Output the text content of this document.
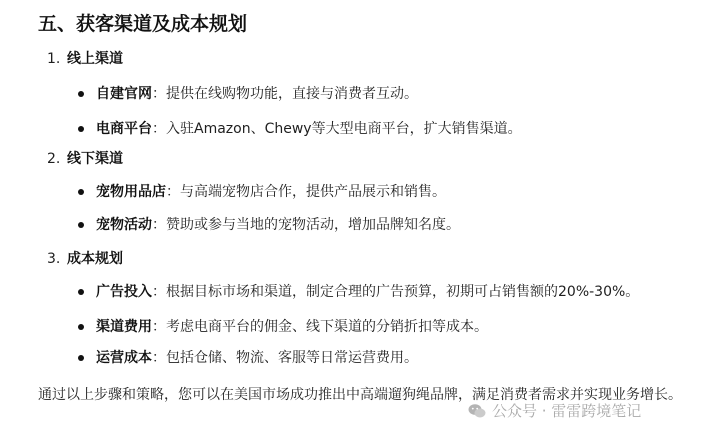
五、获客渠道及成本规划
1. 线上渠道
自建官网：提供在线购物功能，直接与消费者互动。
电商平台：入驻Amazon、Chewy等大型电商平台，扩大销售渠道。
2. 线下渠道
宠物用品店：与高端宠物店合作，提供产品展示和销售。
宠物活动：赞助或参与当地的宠物活动，增加品牌知名度。
3. 成本规划
广告投入：根据目标市场和渠道，制定合理的广告预算，初期可占销售额的20%-30%。
渠道费用：考虑电商平台的佣金、线下渠道的分销折扣等成本。
运营成本：包括仓储、物流、客服等日常运营费用。
通过以上步骤和策略，您可以在美国市场成功推出中高端遛狗绳品牌，满足消费者需求并实现业务增长。
公众号 · 雷雷跨境笔记
